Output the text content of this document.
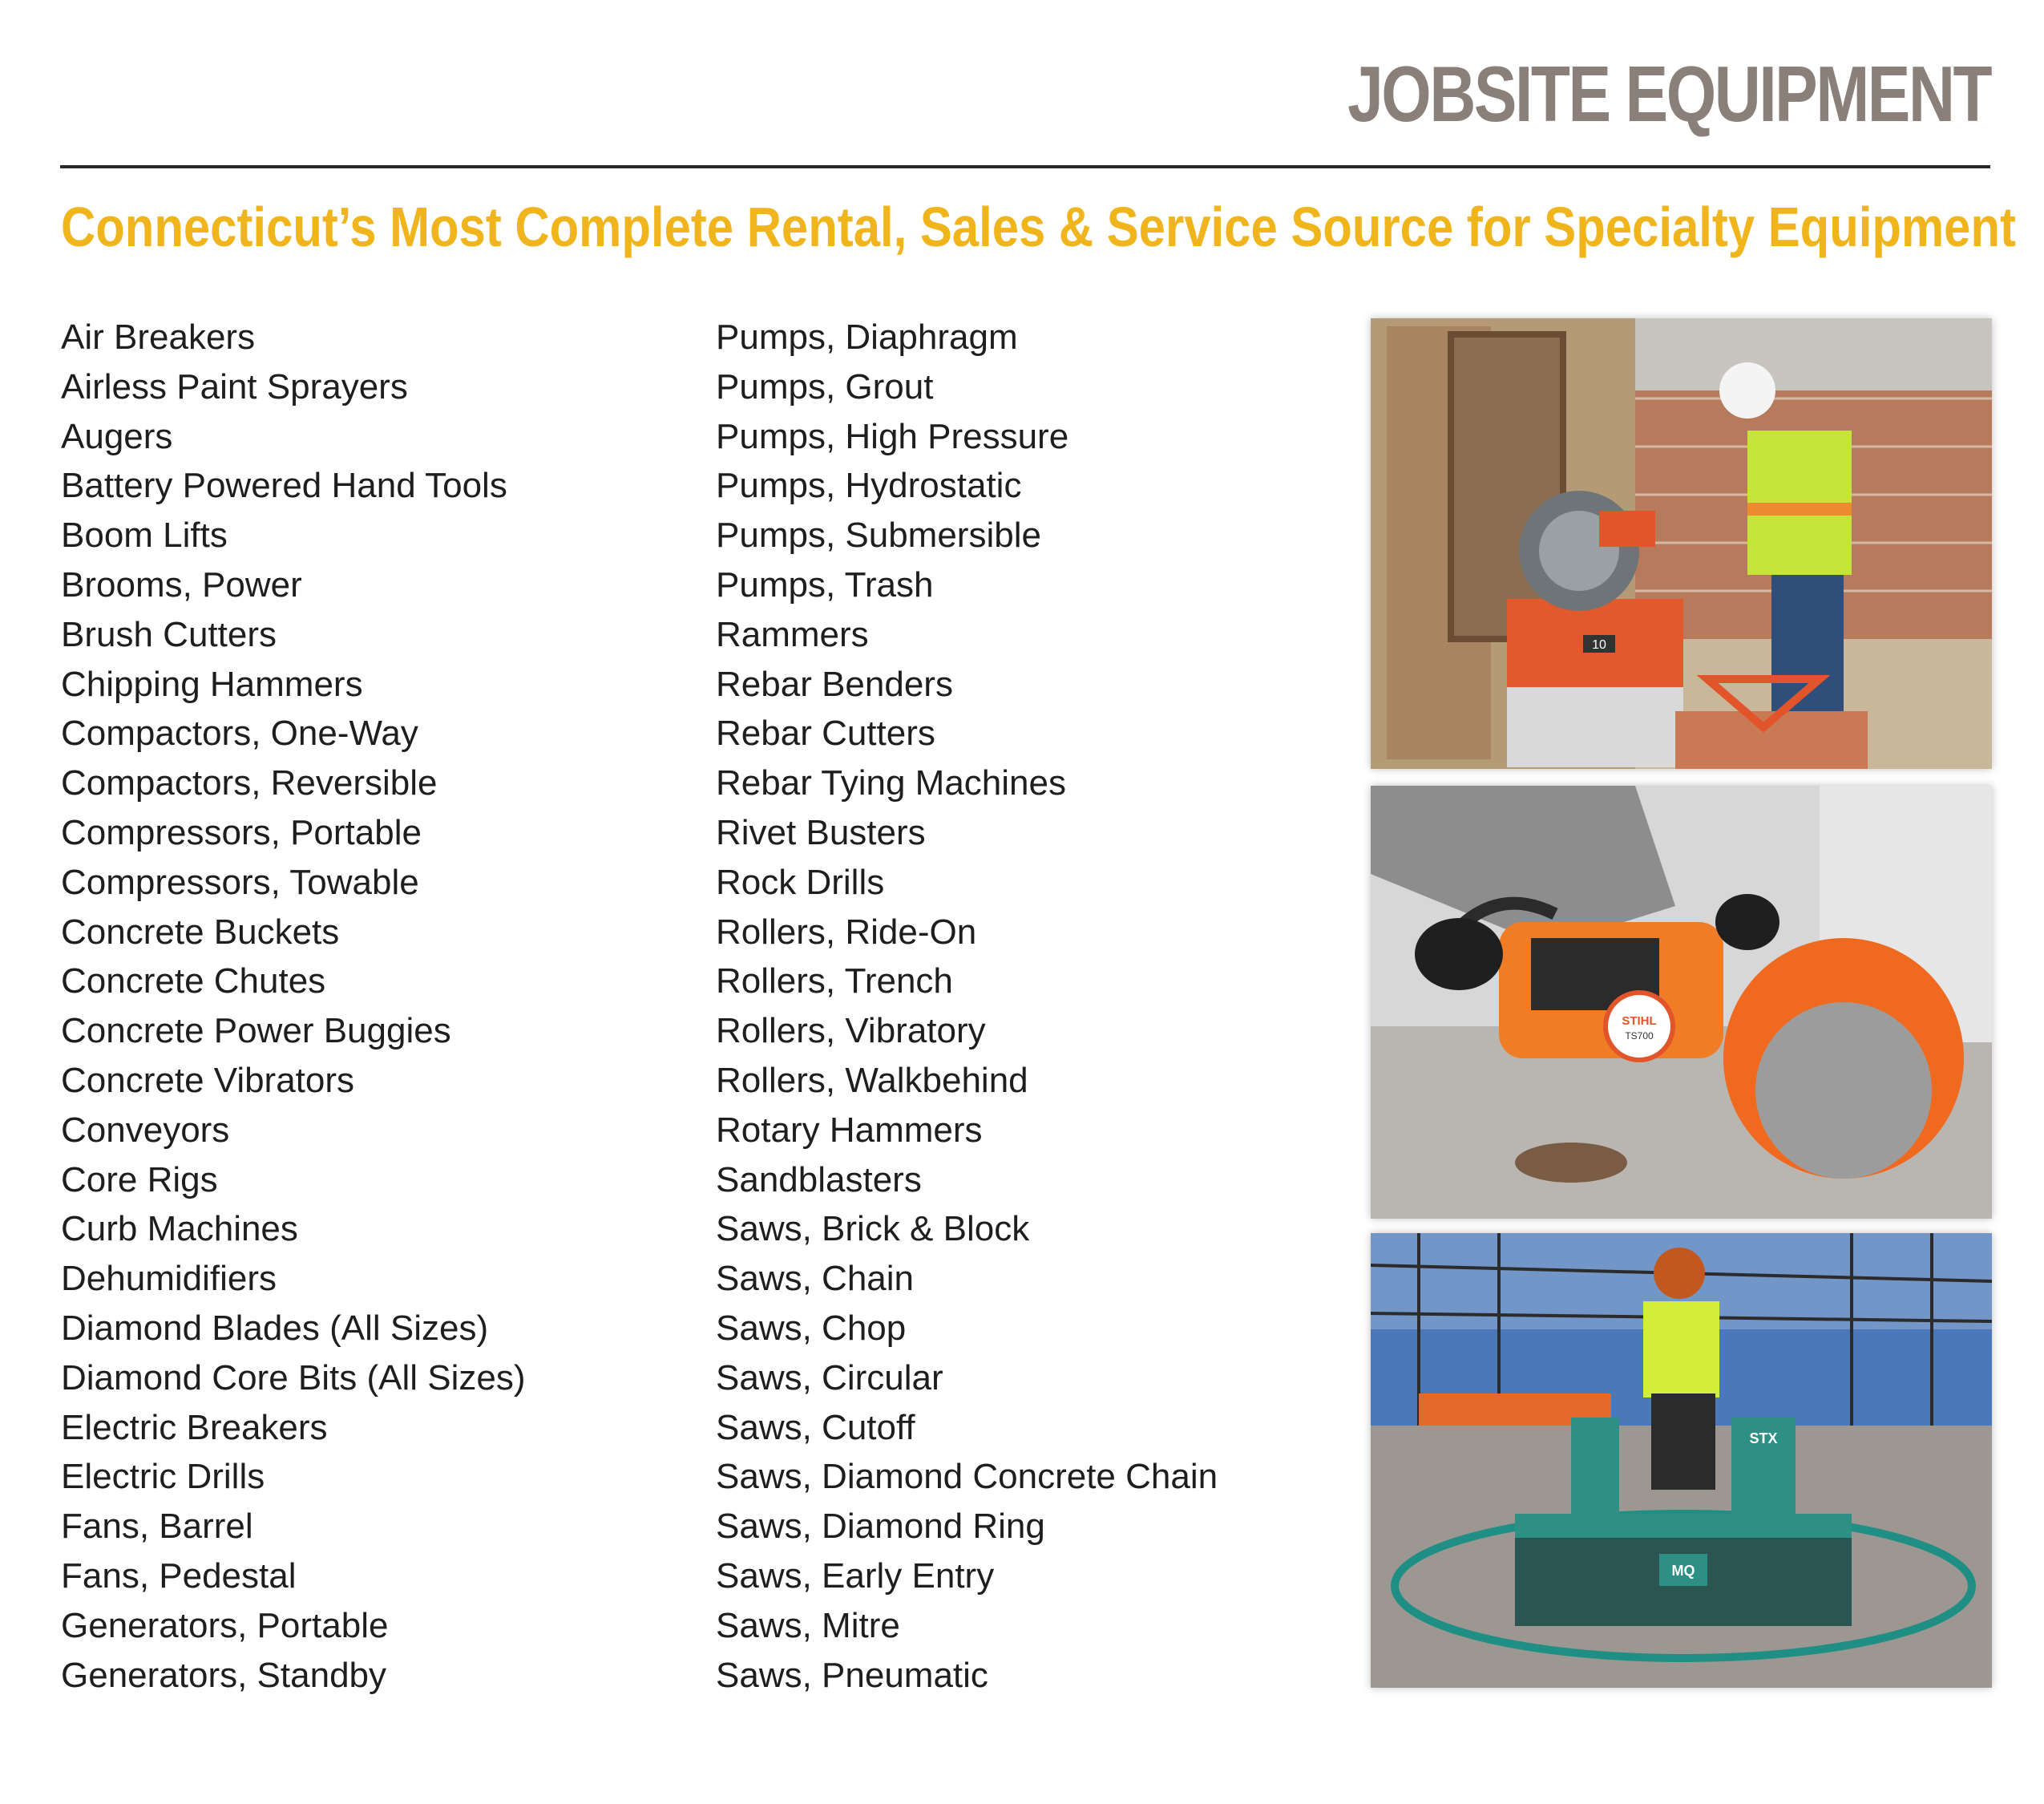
JOBSITE EQUIPMENT
Connecticut’s Most Complete Rental, Sales & Service Source for Specialty Equipment
Air Breakers
Airless Paint Sprayers
Augers
Battery Powered Hand Tools
Boom Lifts
Brooms, Power
Brush Cutters
Chipping Hammers
Compactors, One-Way
Compactors, Reversible
Compressors, Portable
Compressors, Towable
Concrete Buckets
Concrete Chutes
Concrete Power Buggies
Concrete Vibrators
Conveyors
Core Rigs
Curb Machines
Dehumidifiers
Diamond Blades (All Sizes)
Diamond Core Bits (All Sizes)
Electric Breakers
Electric Drills
Fans, Barrel
Fans, Pedestal
Generators, Portable
Generators, Standby
Pumps, Diaphragm
Pumps, Grout
Pumps, High Pressure
Pumps, Hydrostatic
Pumps, Submersible
Pumps, Trash
Rammers
Rebar Benders
Rebar Cutters
Rebar Tying Machines
Rivet Busters
Rock Drills
Rollers, Ride-On
Rollers, Trench
Rollers, Vibratory
Rollers, Walkbehind
Rotary Hammers
Sandblasters
Saws, Brick & Block
Saws, Chain
Saws, Chop
Saws, Circular
Saws, Cutoff
Saws, Diamond Concrete Chain
Saws, Diamond Ring
Saws, Early Entry
Saws, Mitre
Saws, Pneumatic
10
STIHL
TS700
STX
MQ
